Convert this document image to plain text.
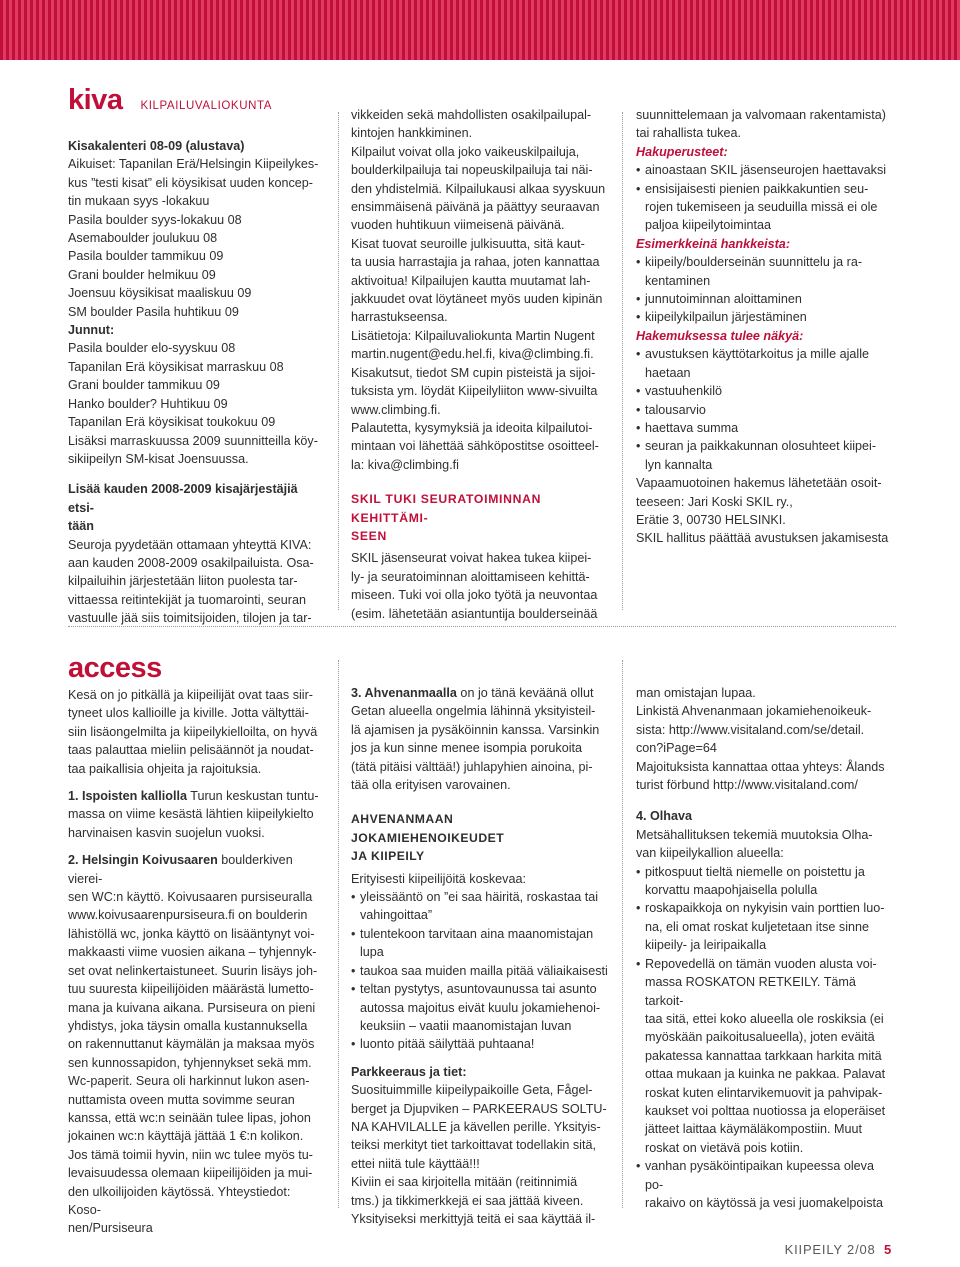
kiva KILPAILUVALIOKUNTA

Kisakalenteri 08-09 (alustava)

Aikuiset: Tapanilan Erä/Helsingin Kiipeilykes-

kus ”testi kisat” eli köysikisat uuden koncep-

tin mukaan syys -lokakuu

Pasila boulder syys-lokakuu 08

Asemaboulder joulukuu 08

Pasila boulder tammikuu 09

Grani boulder helmikuu 09

Joensuu köysikisat maaliskuu 09

SM boulder Pasila huhtikuu 09

Junnut:

Pasila boulder elo-syyskuu 08

Tapanilan Erä köysikisat marraskuu 08

Grani boulder tammikuu 09

Hanko boulder? Huhtikuu 09

Tapanilan Erä köysikisat toukokuu 09

Lisäksi marraskuussa 2009 suunnitteilla köy-

sikiipeilyn SM-kisat Joensuussa.

Lisää kauden 2008-2009 kisajärjestäjiä etsi-

tään

Seuroja pyydetään ottamaan yhteyttä KIVA:

aan kauden 2008-2009 osakilpailuista. Osa-

kilpailuihin järjestetään liiton puolesta tar-

vittaessa reitintekijät ja tuomarointi, seuran

vastuulle jää siis toimitsijoiden, tilojen ja tar-

vikkeiden sekä mahdollisten osakilpailupal-

kintojen hankkiminen.

Kilpailut voivat olla joko vaikeuskilpailuja,

boulderkilpailuja tai nopeuskilpailuja tai näi-

den yhdistelmiä. Kilpailukausi alkaa syyskuun

ensimmäisenä päivänä ja päättyy seuraavan

vuoden huhtikuun viimeisenä päivänä.

Kisat tuovat seuroille julkisuutta, sitä kaut-

ta uusia harrastajia ja rahaa, joten kannattaa

aktivoitua! Kilpailujen kautta muutamat lah-

jakkuudet ovat löytäneet myös uuden kipinän

harrastukseensa.

Lisätietoja: Kilpailuvaliokunta Martin Nugent

martin.nugent@edu.hel.fi, kiva@climbing.fi.

Kisakutsut, tiedot SM cupin pisteistä ja sijoi-

tuksista ym. löydät Kiipeilyliiton www-sivuilta

www.climbing.fi.

Palautetta, kysymyksiä ja ideoita kilpailutoi-

mintaan voi lähettää sähköpostitse osoitteel-

la: kiva@climbing.fi

SKIL TUKI SEURATOIMINNAN KEHITTÄMI-

SEEN

SKIL jäsenseurat voivat hakea tukea kiipei-

ly- ja seuratoiminnan aloittamiseen kehittä-

miseen. Tuki voi olla joko työtä ja neuvontaa

(esim. lähetetään asiantuntija boulderseinää

suunnittelemaan ja valvomaan rakentamista)

tai rahallista tukea.

Hakuperusteet:

• ainoastaan SKIL jäsenseurojen haettavaksi
• ensisijaisesti pienien paikkakuntien seu-
rojen tukemiseen ja seuduilla missä ei ole
paljoa kiipeilytoimintaa

Esimerkkeinä hankkeista:

• kiipeily/boulderseinän suunnittelu ja ra-
kentaminen
• junnutoiminnan aloittaminen
• kiipeilykilpailun järjestäminen

Hakemuksessa tulee näkyä:

• avustuksen käyttötarkoitus ja mille ajalle
haetaan
• vastuuhenkilö
• talousarvio
• haettava summa
• seuran ja paikkakunnan olosuhteet kiipei-
lyn kannalta

Vapaamuotoinen hakemus lähetetään osoit-

teeseen: Jari Koski SKIL ry.,

Erätie 3, 00730 HELSINKI.

SKIL hallitus päättää avustuksen jakamisesta

access

Kesä on jo pitkällä ja kiipeilijät ovat taas siir-

tyneet ulos kallioille ja kiville. Jotta vältyttäi-

siin lisäongelmilta ja kiipeilykielloilta, on hyvä

taas palauttaa mieliin pelisäännöt ja noudat-

taa paikallisia ohjeita ja rajoituksia.

1. Ispoisten kalliolla Turun keskustan tuntu-

massa on viime kesästä lähtien kiipeilykielto

harvinaisen kasvin suojelun vuoksi.

2. Helsingin Koivusaaren boulderkiven vierei-

sen WC:n käyttö. Koivusaaren pursiseuralla

www.koivusaarenpursiseura.fi on boulderin

lähistöllä wc, jonka käyttö on lisääntynyt voi-

makkaasti viime vuosien aikana – tyhjennyk-

set ovat nelinkertaistuneet. Suurin lisäys joh-

tuu suuresta kiipeilijöiden määrästä lumetto-

mana ja kuivana aikana. Pursiseura on pieni

yhdistys, joka täysin omalla kustannuksella

on rakennuttanut käymälän ja maksaa myös

sen kunnossapidon, tyhjennykset sekä mm.

Wc-paperit. Seura oli harkinnut lukon asen-

nuttamista oveen mutta sovimme seuran

kanssa, että wc:n seinään tulee lipas, johon

jokainen wc:n käyttäjä jättää 1 €:n kolikon.

Jos tämä toimii hyvin, niin wc tulee myös tu-

levaisuudessa olemaan kiipeilijöiden ja mui-

den ulkoilijoiden käytössä. Yhteystiedot: Koso-

nen/Pursiseura

3. Ahvenanmaalla on jo tänä keväänä ollut

Getan alueella ongelmia lähinnä yksityisteil-

lä ajamisen ja pysäköinnin kanssa. Varsinkin

jos ja kun sinne menee isompia porukoita

(tätä pitäisi välttää!) juhlapyhien ainoina, pi-

tää olla erityisen varovainen.

AHVENANMAAN JOKAMIEHENOIKEUDET

JA KIIPEILY

Erityisesti kiipeilijöitä koskevaa:

• yleissääntö on ”ei saa häiritä, roskastaa tai
vahingoittaa”
• tulentekoon tarvitaan aina maanomistajan
lupa
• taukoa saa muiden mailla pitää väliaikaisesti
• teltan pystytys, asuntovaunussa tai asunto
autossa majoitus eivät kuulu jokamiehenoi-
keuksiin – vaatii maanomistajan luvan
• luonto pitää säilyttää puhtaana!

Parkkeeraus ja tiet:

Suosituimmille kiipeilypaikoille Geta, Fågel-

berget ja Djupviken – PARKEERAUS SOLTU-

NA KAHVILALLE ja kävellen perille. Yksityis-

teiksi merkityt tiet tarkoittavat todellakin sitä,

ettei niitä tule käyttää!!!

Kiviin ei saa kirjoitella mitään (reitinnimiä

tms.) ja tikkimerkkejä ei saa jättää kiveen.

Yksityiseksi merkittyjä teitä ei saa käyttää il-

man omistajan lupaa.

Linkistä Ahvenanmaan jokamiehenoikeuk-

sista: http://www.visitaland.com/se/detail.

con?iPage=64

Majoituksista kannattaa ottaa yhteys: Ålands

turist förbund http://www.visitaland.com/

4. Olhava

Metsähallituksen tekemiä muutoksia Olha-

van kiipeilykallion alueella:

• pitkospuut tieltä niemelle on poistettu ja
korvattu maapohjaisella polulla
• roskapaikkoja on nykyisin vain porttien luo-
na, eli omat roskat kuljetetaan itse sinne
kiipeily- ja leiripaikalla
• Repovedellä on tämän vuoden alusta voi-
massa ROSKATON RETKEILY. Tämä tarkoit-
taa sitä, ettei koko alueella ole roskiksia (ei
myöskään paikoitusalueella), joten eväitä
pakatessa kannattaa tarkkaan harkita mitä
ottaa mukaan ja kuinka ne pakkaa. Palavat
roskat kuten elintarvikemuovit ja pahvipak-
kaukset voi polttaa nuotiossa ja eloperäiset
jätteet laittaa käymäläkompostiin. Muut
roskat on vietävä pois kotiin.
• vanhan pysäköintipaikan kupeessa oleva po-
rakaivo on käytössä ja vesi juomakelpoista
KIIPEILY 2/08 5
